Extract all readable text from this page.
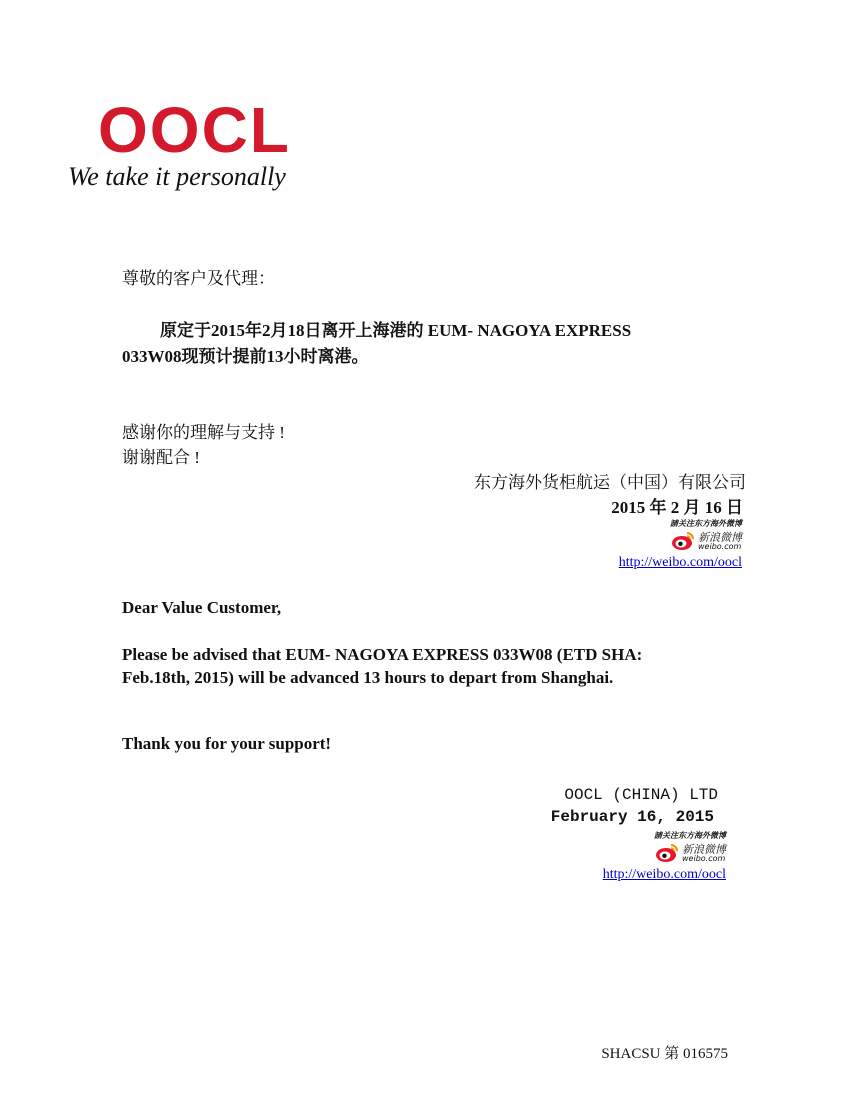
OOCL
We take it personally
尊敬的客户及代理：
原定于2015年2月18日离开上海港的 EUM- NAGOYA EXPRESS
033W08现预计提前13小时离港。
感谢你的理解与支持 !
谢谢配合 !
东方海外货柜航运（中国）有限公司
2015 年 2 月 16 日
請关注东方海外微博
新浪微博
weibo.com
http://weibo.com/oocl
Dear Value Customer,
Please be advised that EUM- NAGOYA EXPRESS 033W08 (ETD SHA:
Feb.18th, 2015) will be advanced 13 hours to depart from Shanghai.
Thank you for your support!
OOCL (CHINA) LTD
February 16, 2015
請关注东方海外微博
新浪微博
weibo.com
http://weibo.com/oocl
SHACSU 第 016575
